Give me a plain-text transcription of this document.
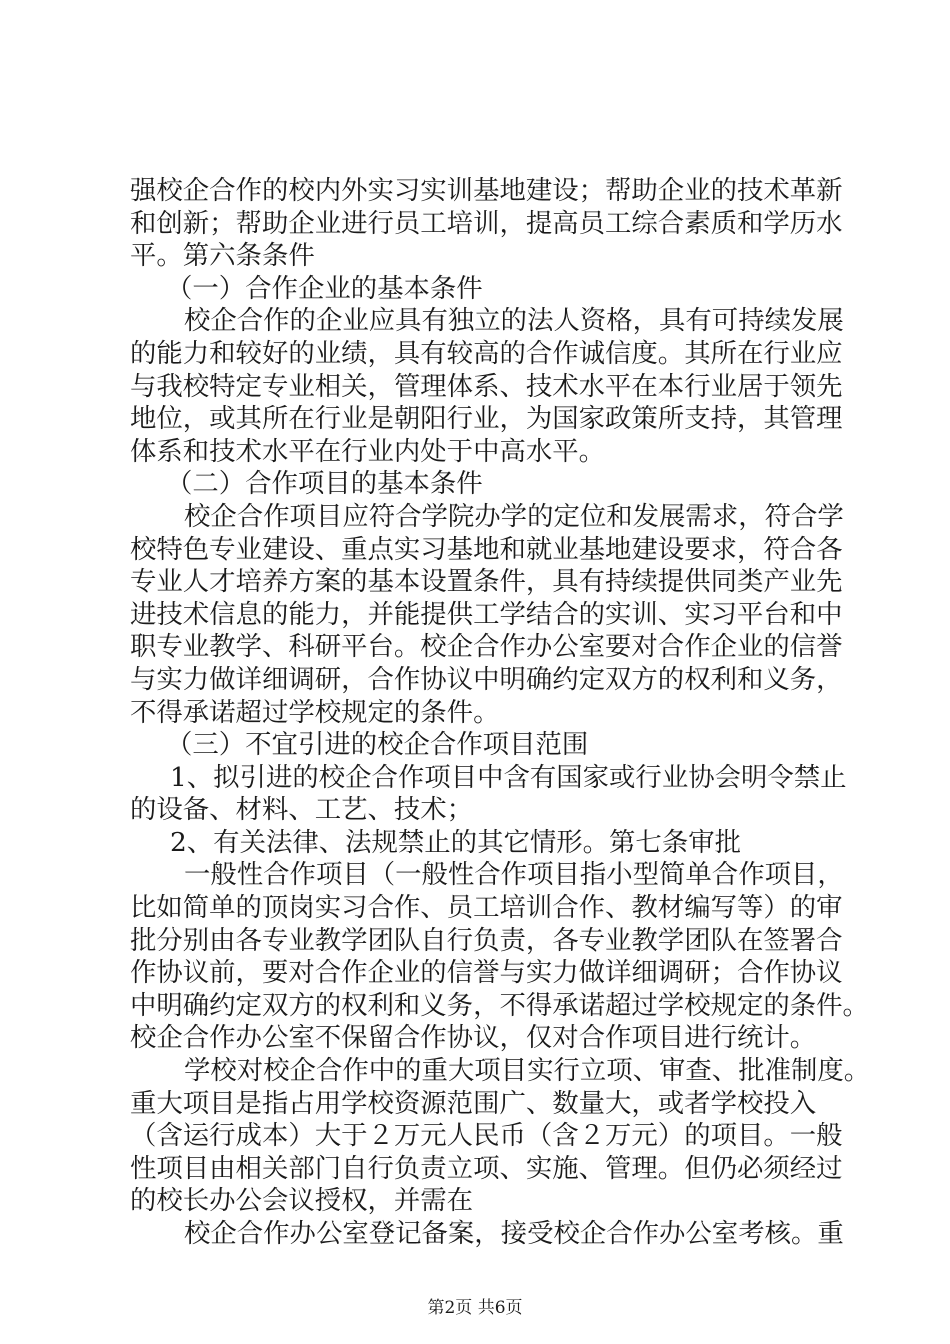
强校企合作的校内外实习实训基地建设；帮助企业的技术革新
和创新；帮助企业进行员工培训，提高员工综合素质和学历水
平。第六条条件
（一）合作企业的基本条件
校企合作的企业应具有独立的法人资格，具有可持续发展
的能力和较好的业绩，具有较高的合作诚信度。其所在行业应
与我校特定专业相关，管理体系、技术水平在本行业居于领先
地位，或其所在行业是朝阳行业，为国家政策所支持，其管理
体系和技术水平在行业内处于中高水平。
（二）合作项目的基本条件
校企合作项目应符合学院办学的定位和发展需求，符合学
校特色专业建设、重点实习基地和就业基地建设要求，符合各
专业人才培养方案的基本设置条件，具有持续提供同类产业先
进技术信息的能力，并能提供工学结合的实训、实习平台和中
职专业教学、科研平台。校企合作办公室要对合作企业的信誉
与实力做详细调研，合作协议中明确约定双方的权利和义务，
不得承诺超过学校规定的条件。
（三）不宜引进的校企合作项目范围
1、拟引进的校企合作项目中含有国家或行业协会明令禁止
的设备、材料、工艺、技术；
2、有关法律、法规禁止的其它情形。第七条审批
一般性合作项目（一般性合作项目指小型简单合作项目，
比如简单的顶岗实习合作、员工培训合作、教材编写等）的审
批分别由各专业教学团队自行负责，各专业教学团队在签署合
作协议前，要对合作企业的信誉与实力做详细调研；合作协议
中明确约定双方的权利和义务，不得承诺超过学校规定的条件。
校企合作办公室不保留合作协议，仅对合作项目进行统计。
学校对校企合作中的重大项目实行立项、审查、批准制度。
重大项目是指占用学校资源范围广、数量大，或者学校投入
（含运行成本）大于２万元人民币（含２万元）的项目。一般
性项目由相关部门自行负责立项、实施、管理。但仍必须经过
的校长办公会议授权，并需在
校企合作办公室登记备案，接受校企合作办公室考核。重
第2页 共6页
